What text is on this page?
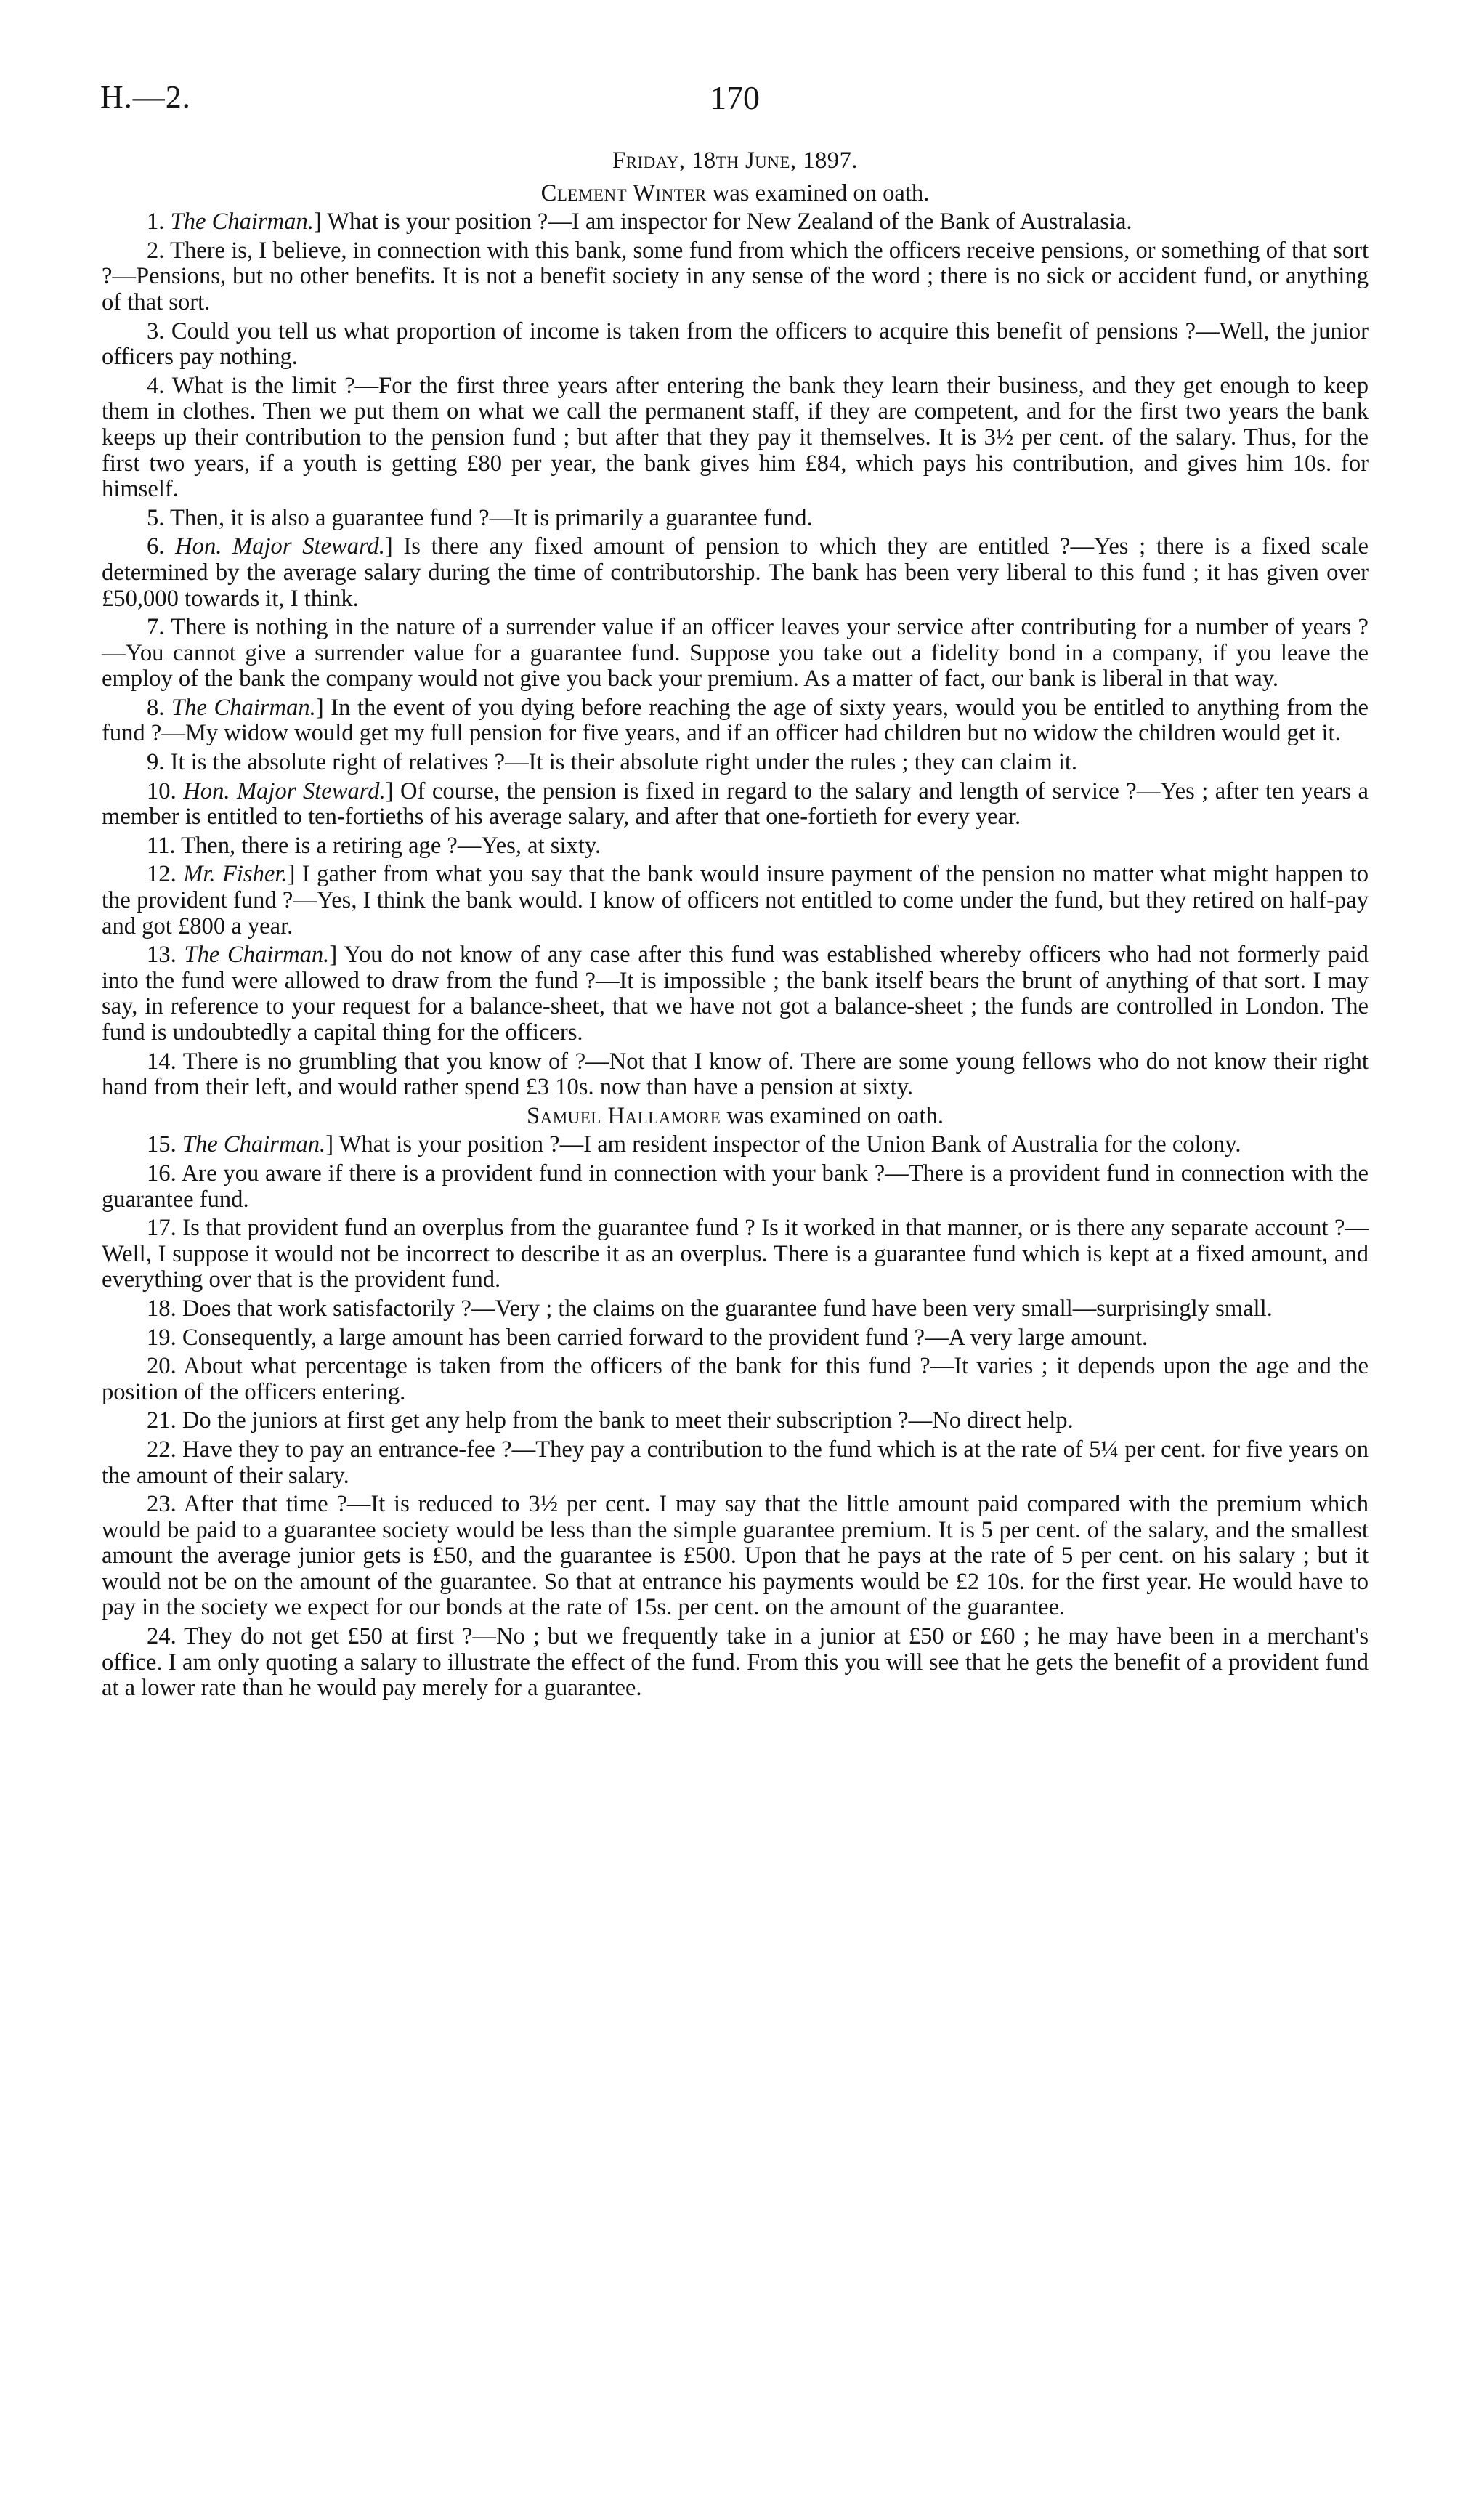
H.—2.	170
Friday, 18th June, 1897.
Clement Winter was examined on oath.

1. The Chairman.] What is your position ?—I am inspector for New Zealand of the Bank of Australasia.

2. There is, I believe, in connection with this bank, some fund from which the officers receive pensions, or something of that sort ?—Pensions, but no other benefits. It is not a benefit society in any sense of the word ; there is no sick or accident fund, or anything of that sort.

3. Could you tell us what proportion of income is taken from the officers to acquire this benefit of pensions ?—Well, the junior officers pay nothing.

4. What is the limit ?—For the first three years after entering the bank they learn their business, and they get enough to keep them in clothes. Then we put them on what we call the permanent staff, if they are competent, and for the first two years the bank keeps up their contribution to the pension fund ; but after that they pay it themselves. It is 3½ per cent. of the salary. Thus, for the first two years, if a youth is getting £80 per year, the bank gives him £84, which pays his contribution, and gives him 10s. for himself.

5. Then, it is also a guarantee fund ?—It is primarily a guarantee fund.

6. Hon. Major Steward.] Is there any fixed amount of pension to which they are entitled ?—Yes ; there is a fixed scale determined by the average salary during the time of contributorship. The bank has been very liberal to this fund ; it has given over £50,000 towards it, I think.

7. There is nothing in the nature of a surrender value if an officer leaves your service after contributing for a number of years ?—You cannot give a surrender value for a guarantee fund. Suppose you take out a fidelity bond in a company, if you leave the employ of the bank the company would not give you back your premium. As a matter of fact, our bank is liberal in that way.

8. The Chairman.] In the event of you dying before reaching the age of sixty years, would you be entitled to anything from the fund ?—My widow would get my full pension for five years, and if an officer had children but no widow the children would get it.

9. It is the absolute right of relatives ?—It is their absolute right under the rules ; they can claim it.

10. Hon. Major Steward.] Of course, the pension is fixed in regard to the salary and length of service ?—Yes ; after ten years a member is entitled to ten-fortieths of his average salary, and after that one-fortieth for every year.

11. Then, there is a retiring age ?—Yes, at sixty.

12. Mr. Fisher.] I gather from what you say that the bank would insure payment of the pension no matter what might happen to the provident fund ?—Yes, I think the bank would. I know of officers not entitled to come under the fund, but they retired on half-pay and got £800 a year.

13. The Chairman.] You do not know of any case after this fund was established whereby officers who had not formerly paid into the fund were allowed to draw from the fund ?—It is impossible ; the bank itself bears the brunt of anything of that sort. I may say, in reference to your request for a balance-sheet, that we have not got a balance-sheet ; the funds are controlled in London. The fund is undoubtedly a capital thing for the officers.

14. There is no grumbling that you know of ?—Not that I know of. There are some young fellows who do not know their right hand from their left, and would rather spend £3 10s. now than have a pension at sixty.

Samuel Hallamore was examined on oath.

15. The Chairman.] What is your position ?—I am resident inspector of the Union Bank of Australia for the colony.

16. Are you aware if there is a provident fund in connection with your bank ?—There is a provident fund in connection with the guarantee fund.

17. Is that provident fund an overplus from the guarantee fund ? Is it worked in that manner, or is there any separate account ?—Well, I suppose it would not be incorrect to describe it as an overplus. There is a guarantee fund which is kept at a fixed amount, and everything over that is the provident fund.

18. Does that work satisfactorily ?—Very ; the claims on the guarantee fund have been very small—surprisingly small.

19. Consequently, a large amount has been carried forward to the provident fund ?—A very large amount.

20. About what percentage is taken from the officers of the bank for this fund ?—It varies ; it depends upon the age and the position of the officers entering.

21. Do the juniors at first get any help from the bank to meet their subscription ?—No direct help.

22. Have they to pay an entrance-fee ?—They pay a contribution to the fund which is at the rate of 5¼ per cent. for five years on the amount of their salary.

23. After that time ?—It is reduced to 3½ per cent. I may say that the little amount paid compared with the premium which would be paid to a guarantee society would be less than the simple guarantee premium. It is 5 per cent. of the salary, and the smallest amount the average junior gets is £50, and the guarantee is £500. Upon that he pays at the rate of 5 per cent. on his salary ; but it would not be on the amount of the guarantee. So that at entrance his payments would be £2 10s. for the first year. He would have to pay in the society we expect for our bonds at the rate of 15s. per cent. on the amount of the guarantee.

24. They do not get £50 at first ?—No ; but we frequently take in a junior at £50 or £60 ; he may have been in a merchant's office. I am only quoting a salary to illustrate the effect of the fund. From this you will see that he gets the benefit of a provident fund at a lower rate than he would pay merely for a guarantee.
